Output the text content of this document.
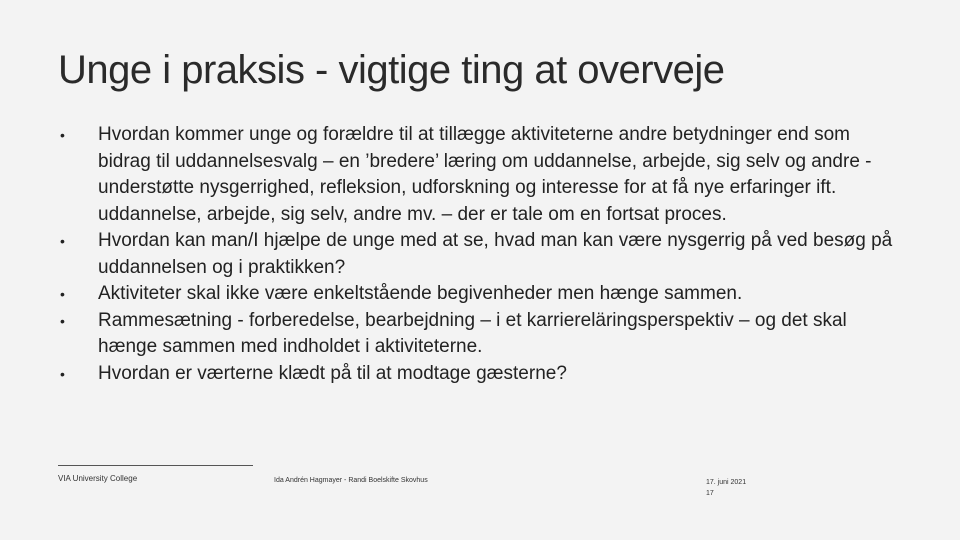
Unge i praksis - vigtige ting at overveje
•	Hvordan kommer unge og forældre til at tillægge aktiviteterne andre betydninger end som bidrag til uddannelsesvalg – en ’bredere’ læring om uddannelse, arbejde, sig selv og andre - understøtte nysgerrighed, refleksion, udforskning og interesse for at få nye erfaringer ift. uddannelse, arbejde, sig selv, andre mv. – der er tale om en fortsat proces.
•	Hvordan kan man/I hjælpe de unge med at se, hvad man kan være nysgerrig på ved besøg på uddannelsen og i praktikken?
•	Aktiviteter skal ikke være enkeltstående begivenheder men hænge sammen.
•	Rammesætning - forberedelse, bearbejdning – i et karriereläringsperspektiv – og det skal hænge sammen med indholdet i aktiviteterne.
•	Hvordan er værterne klædt på til at modtage gæsterne?
VIA University College	Ida Andrén Hagmayer - Randi Boelskifte Skovhus	17. juni 2021
17
